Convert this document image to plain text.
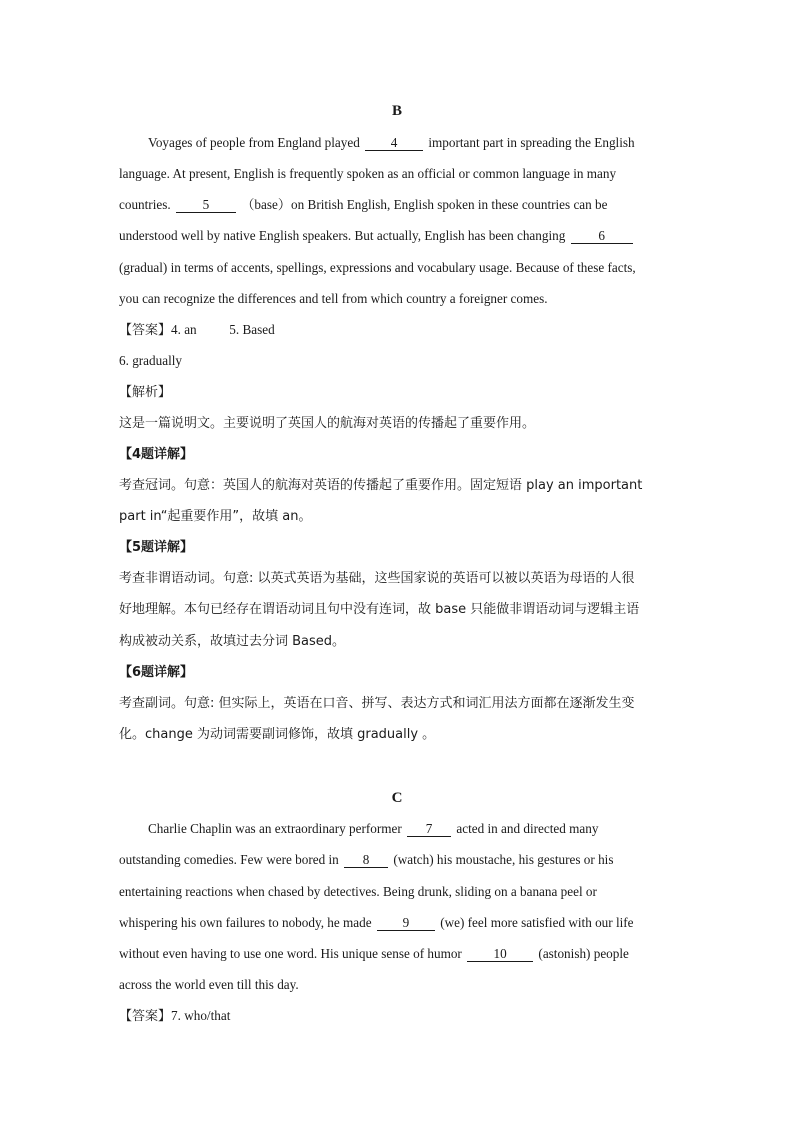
B
Voyages of people from England played 4 important part in spreading the English
language. At present, English is frequently spoken as an official or common language in many
countries. 5 （base）on British English, English spoken in these countries can be
understood well by native English speakers. But actually, English has been changing	6
(gradual) in terms of accents, spellings, expressions and vocabulary usage. Because of these facts,
you can recognize the differences and tell from which country a foreigner comes.
【答案】4. an 5. Based
6. gradually
【解析】
这是一篇说明文。主要说明了英国人的航海对英语的传播起了重要作用。
【4题详解】
考查冠词。句意：英国人的航海对英语的传播起了重要作用。固定短语 play an important
part in“起重要作用”，故填 an。
【5题详解】
考查非谓语动词。句意: 以英式英语为基础，这些国家说的英语可以被以英语为母语的人很
好地理解。本句已经存在谓语动词且句中没有连词，故 base 只能做非谓语动词与逻辑主语
构成被动关系，故填过去分词 Based。
【6题详解】
考查副词。句意: 但实际上，英语在口音、拼写、表达方式和词汇用法方面都在逐渐发生变
化。change 为动词需要副词修饰，故填 gradually 。
C
Charlie Chaplin was an extraordinary performer 7 acted in and directed many
outstanding comedies. Few were bored in 8 (watch) his moustache, his gestures or his
entertaining reactions when chased by detectives. Being drunk, sliding on a banana peel or
whispering his own failures to nobody, he made 9 (we) feel more satisfied with our life
without even having to use one word. His unique sense of humor 10 (astonish) people
across the world even till this day.
【答案】7. who/that
